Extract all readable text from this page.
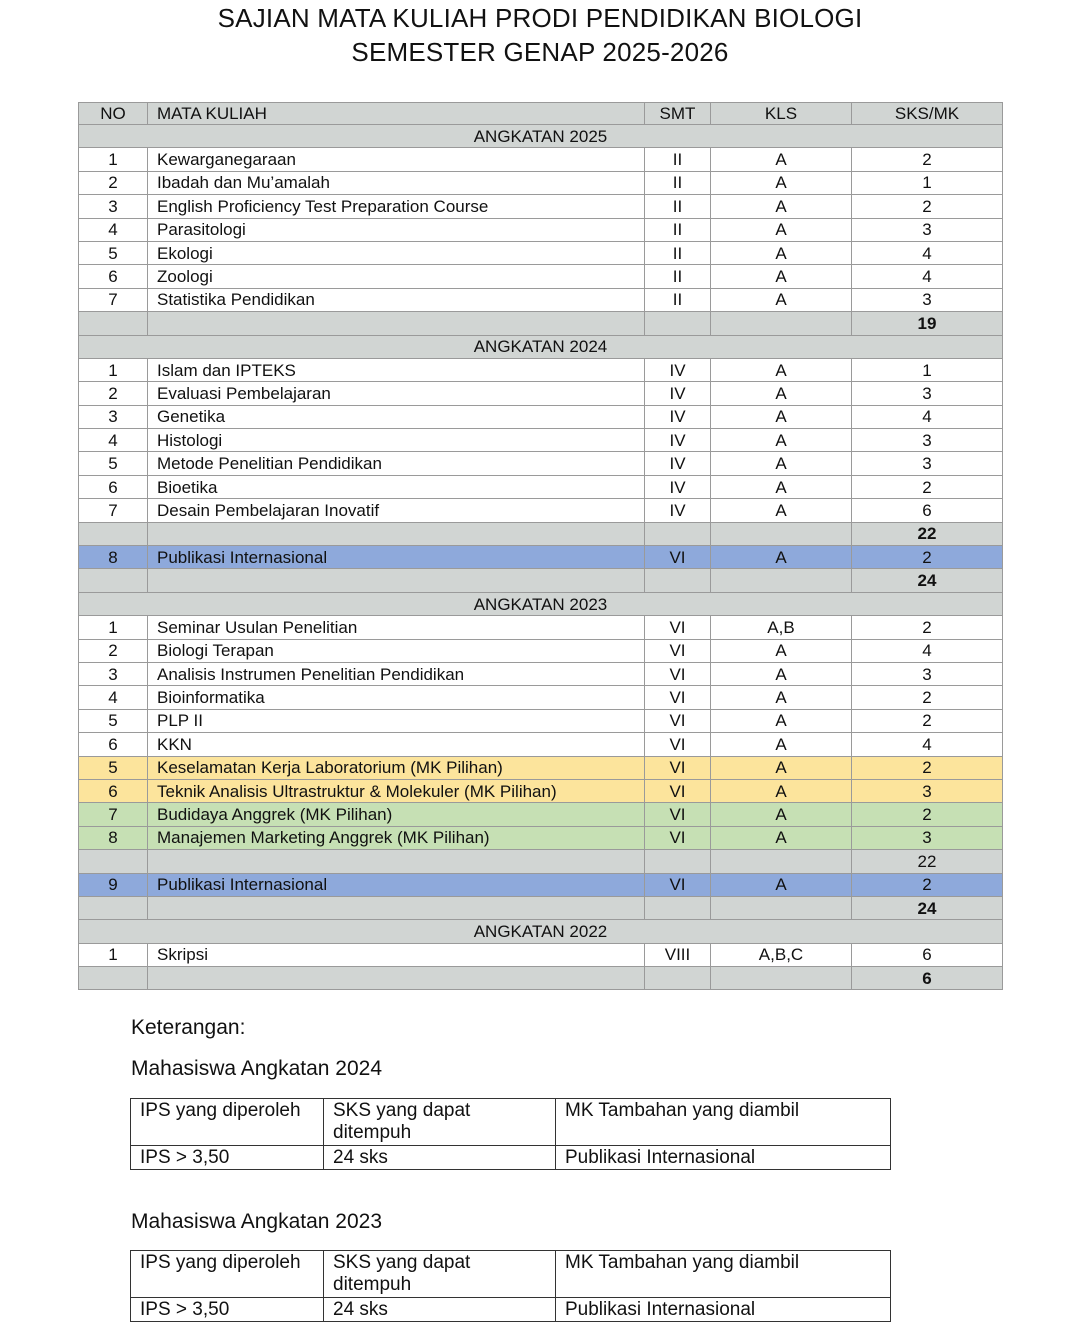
SAJIAN MATA KULIAH PRODI PENDIDIKAN BIOLOGI
SEMESTER GENAP 2025-2026
NO	MATA KULIAH	SMT	KLS	SKS/MK
ANGKATAN 2025				
1	Kewarganegaraan	II	A	2
2	Ibadah dan Mu’amalah	II	A	1
3	English Proficiency Test Preparation Course	II	A	2
4	Parasitologi	II	A	3
5	Ekologi	II	A	4
6	Zoologi	II	A	4
7	Statistika Pendidikan	II	A	3
				19
ANGKATAN 2024				
1	Islam dan IPTEKS	IV	A	1
2	Evaluasi Pembelajaran	IV	A	3
3	Genetika	IV	A	4
4	Histologi	IV	A	3
5	Metode Penelitian Pendidikan	IV	A	3
6	Bioetika	IV	A	2
7	Desain Pembelajaran Inovatif	IV	A	6
				22
8	Publikasi Internasional	VI	A	2
				24
ANGKATAN 2023				
1	Seminar Usulan Penelitian	VI	A,B	2
2	Biologi Terapan	VI	A	4
3	Analisis Instrumen Penelitian Pendidikan	VI	A	3
4	Bioinformatika	VI	A	2
5	PLP II	VI	A	2
6	KKN	VI	A	4
5	Keselamatan Kerja Laboratorium (MK Pilihan)	VI	A	2
6	Teknik Analisis Ultrastruktur & Molekuler (MK Pilihan)	VI	A	3
7	Budidaya Anggrek (MK Pilihan)	VI	A	2
8	Manajemen Marketing Anggrek (MK Pilihan)	VI	A	3
				22
9	Publikasi Internasional	VI	A	2
				24
ANGKATAN 2022				
1	Skripsi	VIII	A,B,C	6
				6
Keterangan:
Mahasiswa Angkatan 2024
IPS yang diperoleh	SKS yang dapat ditempuh	MK Tambahan yang diambil
IPS > 3,50	24 sks	Publikasi Internasional
Mahasiswa Angkatan 2023
IPS yang diperoleh	SKS yang dapat ditempuh	MK Tambahan yang diambil
IPS > 3,50	24 sks	Publikasi Internasional
